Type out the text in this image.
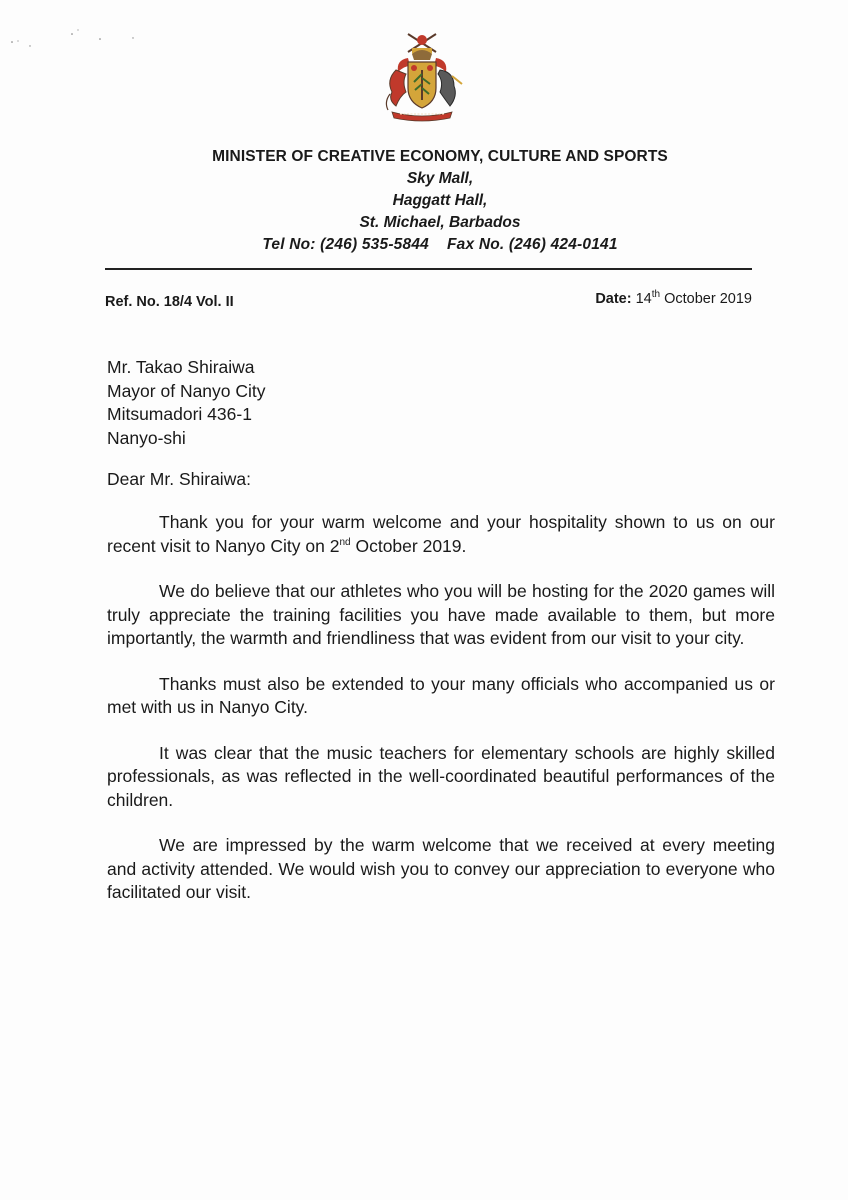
MINISTER OF CREATIVE ECONOMY, CULTURE AND SPORTS
Sky Mall,
Haggatt Hall,
St. Michael, Barbados
Tel No: (246) 535-5844 Fax No. (246) 424-0141
Ref. No. 18/4 Vol. II	Date: 14th October 2019
Mr. Takao Shiraiwa
Mayor of Nanyo City
Mitsumadori 436-1
Nanyo-shi
Dear Mr. Shiraiwa:

Thank you for your warm welcome and your hospitality shown to us on our recent visit to Nanyo City on 2nd October 2019.

We do believe that our athletes who you will be hosting for the 2020 games will truly appreciate the training facilities you have made available to them, but more importantly, the warmth and friendliness that was evident from our visit to your city.

Thanks must also be extended to your many officials who accompanied us or met with us in Nanyo City.

It was clear that the music teachers for elementary schools are highly skilled professionals, as was reflected in the well-coordinated beautiful performances of the children.

We are impressed by the warm welcome that we received at every meeting and activity attended. We would wish you to convey our appreciation to everyone who facilitated our visit.
